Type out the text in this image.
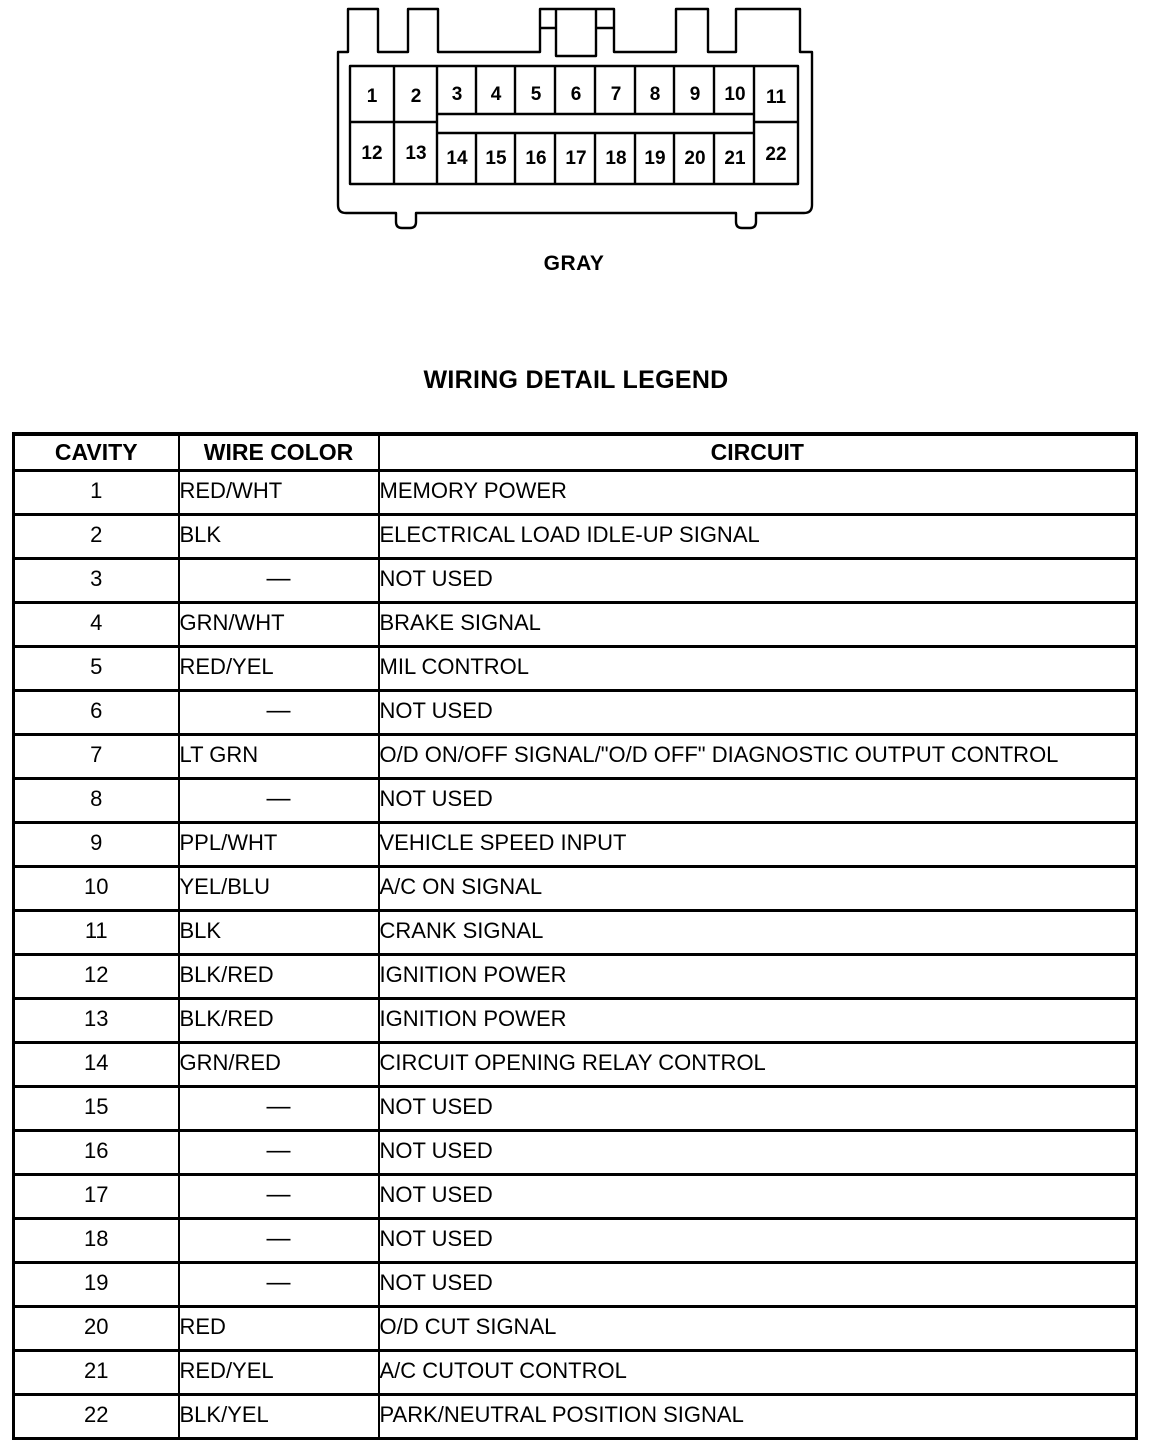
1 2 3 4 5 6 7 8 9 10 11
12 13 14 15 16 17 18 19 20 21 22
GRAY
WIRING DETAIL LEGEND
CAVITY	WIRE COLOR	CIRCUIT
1	RED/WHT	MEMORY POWER
2	BLK	ELECTRICAL LOAD IDLE-UP SIGNAL
3	—	NOT USED
4	GRN/WHT	BRAKE SIGNAL
5	RED/YEL	MIL CONTROL
6	—	NOT USED
7	LT GRN	O/D ON/OFF SIGNAL/"O/D OFF" DIAGNOSTIC OUTPUT CONTROL
8	—	NOT USED
9	PPL/WHT	VEHICLE SPEED INPUT
10	YEL/BLU	A/C ON SIGNAL
11	BLK	CRANK SIGNAL
12	BLK/RED	IGNITION POWER
13	BLK/RED	IGNITION POWER
14	GRN/RED	CIRCUIT OPENING RELAY CONTROL
15	—	NOT USED
16	—	NOT USED
17	—	NOT USED
18	—	NOT USED
19	—	NOT USED
20	RED	O/D CUT SIGNAL
21	RED/YEL	A/C CUTOUT CONTROL
22	BLK/YEL	PARK/NEUTRAL POSITION SIGNAL
